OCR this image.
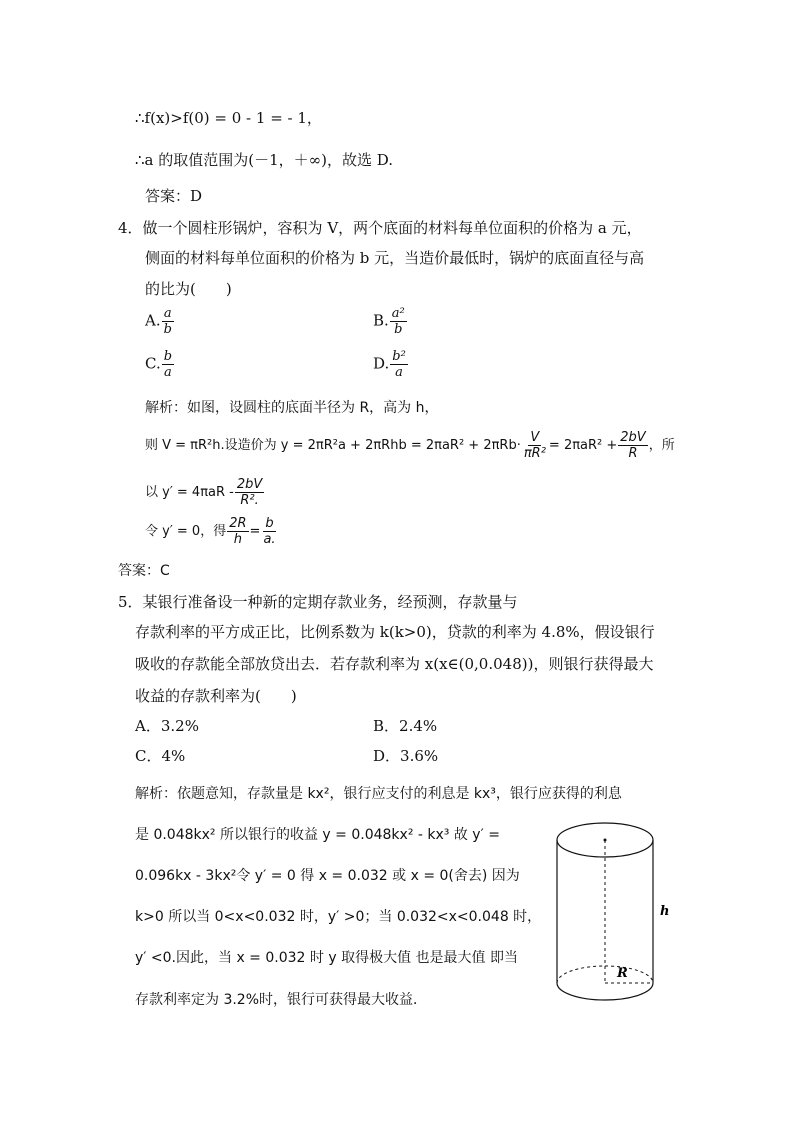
∴f(x)>f(0) = 0 - 1 = - 1，
∴a 的取值范围为(－1，＋∞)，故选 D.
答案：D
4．做一个圆柱形锅炉，容积为 V，两个底面的材料每单位面积的价格为 a 元，
侧面的材料每单位面积的价格为 b 元，当造价最低时，锅炉的底面直径与高
的比为(　　)
A. $\frac{a}{b}$	B. $\frac{\text{a²}}{b}$
C. $\frac{b}{a}$	D. $\frac{\text{b²}}{a}$
解析：如图，设圆柱的底面半径为 R，高为 h，
则 V = πR²h.设造价为 $y = 2\pi R^2a + 2\pi Rhb = 2\pi aR^2 + 2\pi Rb\cdot \frac{V}{\text{πR²}} = 2\pi aR^2 + \frac{2bV}{R}$ ，所
以 $y' = 4\pi aR - \frac{2bV}{\text{R².}}$
令 y′ = 0，得 $\frac{2R}{h} = \frac{b}{a.}$
答案：C
5．某银行准备设一种新的定期存款业务，经预测，存款量与
存款利率的平方成正比，比例系数为 k(k>0)，贷款的利率为 4.8%，假设银行
吸收的存款能全部放贷出去．若存款利率为 x(x∈(0,0.048))，则银行获得最大
收益的存款利率为(　　)
A．3.2%	B．2.4%
C．4%	D．3.6%
解析：依题意知，存款量是 kx²，银行应支付的利息是 kx³，银行应获得的利息
是 0.048kx² 所以银行的收益 y = 0.048kx² - kx³ 故 y′ =
0.096kx - 3kx²令 y′ = 0 得 x = 0.032 或 x = 0(舍去) 因为
k>0 所以当 0<x<0.032 时，y′ >0；当 0.032<x<0.048 时，
y′ <0.因此，当 x = 0.032 时 y 取得极大值 也是最大值 即当
存款利率定为 3.2%时，银行可获得最大收益．
h
R
